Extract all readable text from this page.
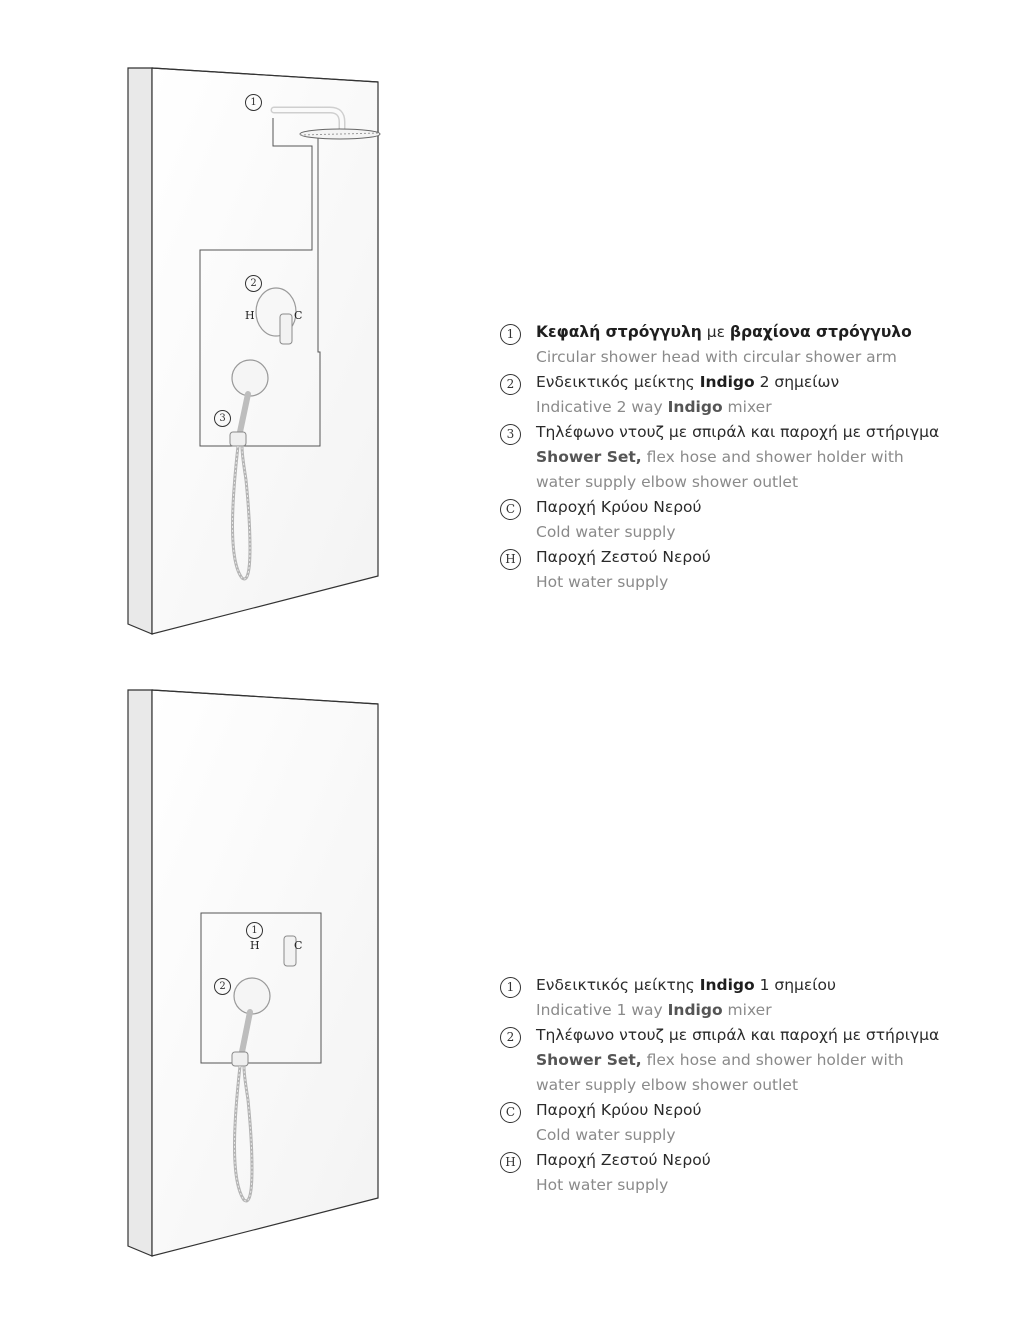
1
2
3
H	C
1	Κεφαλή στρόγγυλη με βραχίονα στρόγγυλο
Circular shower head with circular shower arm
2	Ενδεικτικός μείκτης Indigo 2 σημείων
Indicative 2 way Indigo mixer
3	Τηλέφωνο ντουζ με σπιράλ και παροχή με στήριγμα
Shower Set, flex hose and shower holder with water supply elbow shower outlet
C	Παροχή Κρύου Νερού
Cold water supply
H	Παροχή Ζεστού Νερού
Hot water supply
1
2
H	C
1	Ενδεικτικός μείκτης Indigo 1 σημείου
Indicative 1 way Indigo mixer
2	Τηλέφωνο ντουζ με σπιράλ και παροχή με στήριγμα
Shower Set, flex hose and shower holder with water supply elbow shower outlet
C	Παροχή Κρύου Νερού
Cold water supply
H	Παροχή Ζεστού Νερού
Hot water supply
